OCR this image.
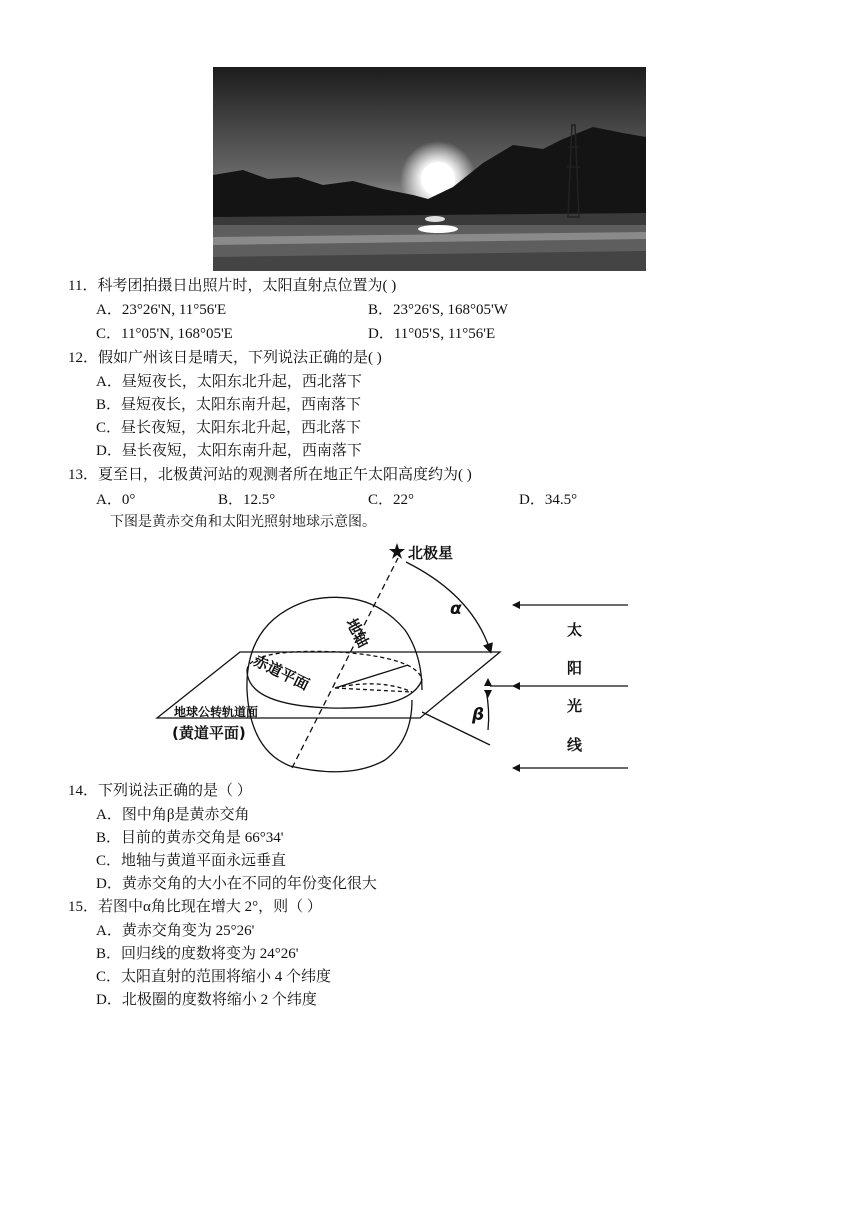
11．科考团拍摄日出照片时，太阳直射点位置为( )
A．23°26'N, 11°56'E	B．23°26'S, 168°05'W
C．11°05'N, 168°05'E	D．11°05'S, 11°56'E
12．假如广州该日是晴天，下列说法正确的是( )
A．昼短夜长，太阳东北升起，西北落下
B．昼短夜长，太阳东南升起，西南落下
C．昼长夜短，太阳东北升起，西北落下
D．昼长夜短，太阳东南升起，西南落下
13．夏至日，北极黄河站的观测者所在地正午太阳高度约为( )
A．0°	B．12.5°	C．22°	D．34.5°
下图是黄赤交角和太阳光照射地球示意图。
北极星
地轴
赤道平面
地球公转轨道面
(黄道平面)
α
β
太
阳
光
线
14．下列说法正确的是（ ）
A．图中角β是黄赤交角
B．目前的黄赤交角是 66°34'
C．地轴与黄道平面永远垂直
D．黄赤交角的大小在不同的年份变化很大
15．若图中α角比现在增大 2°，则（ ）
A．黄赤交角变为 25°26'
B．回归线的度数将变为 24°26'
C．太阳直射的范围将缩小 4 个纬度
D．北极圈的度数将缩小 2 个纬度
